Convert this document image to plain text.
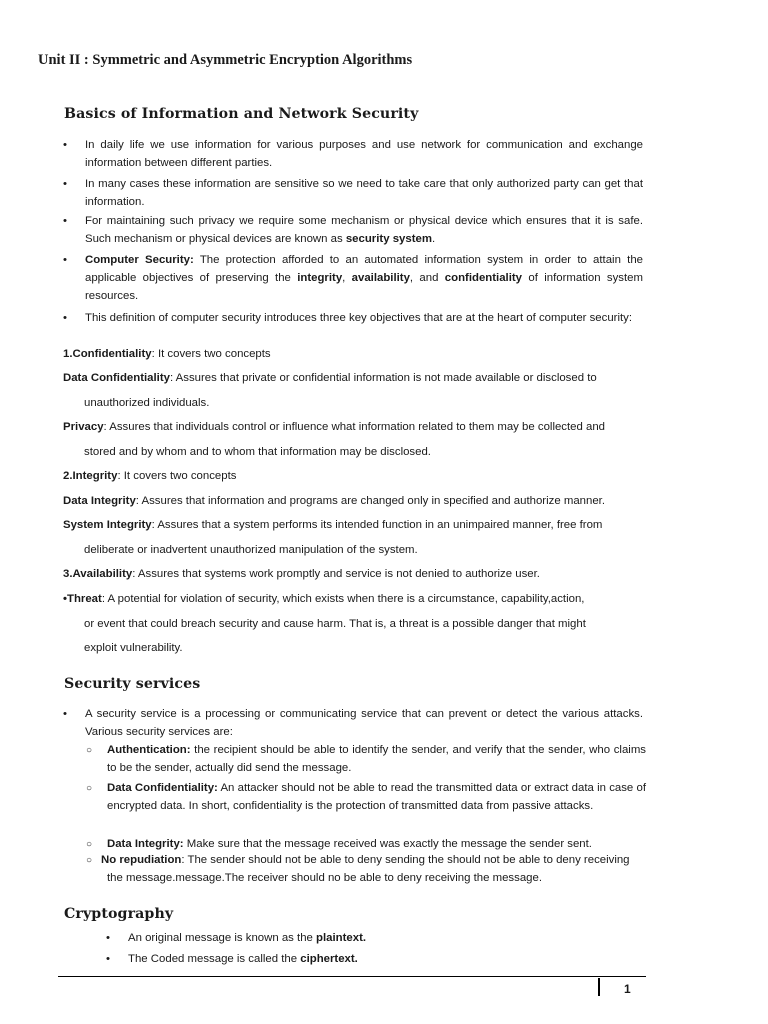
Unit II : Symmetric and Asymmetric Encryption Algorithms
Basics of Information and Network Security
• In daily life we use information for various purposes and use network for communication and exchange information between different parties.
• In many cases these information are sensitive so we need to take care that only authorized party can get that information.
• For maintaining such privacy we require some mechanism or physical device which ensures that it is safe. Such mechanism or physical devices are known as security system.
• Computer Security: The protection afforded to an automated information system in order to attain the applicable objectives of preserving the integrity, availability, and confidentiality of information system resources.
• This definition of computer security introduces three key objectives that are at the heart of computer security:
1.Confidentiality: It covers two concepts
Data Confidentiality: Assures that private or confidential information is not made available or disclosed to
unauthorized individuals.
Privacy: Assures that individuals control or influence what information related to them may be collected and
stored and by whom and to whom that information may be disclosed.
2.Integrity: It covers two concepts
Data Integrity: Assures that information and programs are changed only in specified and authorize manner.
System Integrity: Assures that a system performs its intended function in an unimpaired manner, free from
deliberate or inadvertent unauthorized manipulation of the system.
3.Availability: Assures that systems work promptly and service is not denied to authorize user.
•Threat: A potential for violation of security, which exists when there is a circumstance, capability,action,
or event that could breach security and cause harm. That is, a threat is a possible danger that might
exploit vulnerability.
Security services
• A security service is a processing or communicating service that can prevent or detect the various attacks. Various security services are:
○ Authentication: the recipient should be able to identify the sender, and verify that the sender, who claims to be the sender, actually did send the message.
○ Data Confidentiality: An attacker should not be able to read the transmitted data or extract data in case of encrypted data. In short, confidentiality is the protection of transmitted data from passive attacks.
○ Data Integrity: Make sure that the message received was exactly the message the sender sent.
○ No repudiation: The sender should not be able to deny sending the should not be able to deny receiving
the message.message.The receiver should no be able to deny receiving the message.
Cryptography
• An original message is known as the plaintext.
• The Coded message is called the ciphertext.
1
